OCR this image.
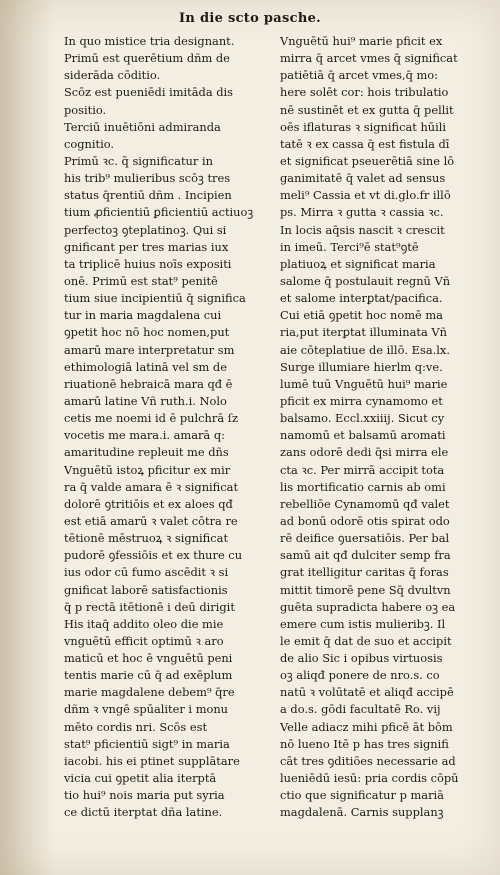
In die scto pasche.
In quo mistice tria designant.
Primū est querētium dñm de
siderāda cōditio.
Scōz est pueniēdi imitāda dis
positio.
Terciū inuētiōni admiranda
cognitio.
Primū ꝛc. q̃ significatur in
his trib⁹ mulieribus scōꝫ tres
status q̄rentiū dñm . Incipien
tium ꝓficientiū ꝑficientiū actiuoꝫ
perfectoꝫ ꝯteplatinoꝫ. Qui si
gnificant per tres marias iux
ta triplicē huius noīs expositi
onē. Primū est stat⁹ penitē
tium siue incipientiū q̄ significa
tur in maria magdalena cui
ꝯpetit hoc nō hoc nomen,put
amarū mare interpretatur sm
ethimologiā latinā vel sm de
riuationē hebraicā mara qđ ē
amarū latine Vñ ruth.i. Nolo
cetis me noemi id ē pulchrā ſz
vocetis me mara.i. amarā q:
amaritudine repleuit me dñs
Vnguētū istoꝝ pficitur ex mir
ra q̄ valde amara ē ꝛ significat
dolorē ꝯtritiōis et ex aloes qđ
est etiā amarū ꝛ valet cōtra re
tētionē mēstruoꝝ ꝛ significat
pudorē ꝯfessiōis et ex thure cu
ius odor cū fumo ascēdit ꝛ si
gnificat laborē satisfactionis
q̄ p rectā itētionē i deū dirigit
His itaq̄ addito oleo die mie
vnguētū efficit optimū ꝛ aro
maticū et hoc ē vnguētū peni
tentis marie cū q̄ ad exēplum
marie magdalene debem⁹ q̄re
dñm ꝛ vngē spūaliter i monu
mēto cordis nri. Scōs est
stat⁹ pficientiū sigt⁹ in maria
iacobi. his ei ptinet supplātare
vicia cui ꝯpetit alia iterptā
tio hui⁹ nois maria put syria
ce dictū iterptat dña latine.
Vnguētū hui⁹ marie pficit ex
mirra q̄ arcet vmes q̄ significat
patiētiā q̄ arcet vmes,q̄ mo:
here solēt cor: hois tribulatio
nē sustinēt et ex gutta q̄ pellit
oēs iflaturas ꝛ significat hūili
tatē ꝛ ex cassa q̄ est fistula dī
et significat pseuerētiā sine lō
ganimitatē q̄ valet ad sensus
meli⁹ Cassia et vt di.glo.fr illō
ps. Mirra ꝛ gutta ꝛ cassia ꝛc.
In locis aq̄sis nascit ꝛ crescit
in imeū. Terci⁹ē stat⁹ꝯtē
platiuoꝝ et significat maria
salome q̄ postulauit regnū Vñ
et salome interꝑtat/pacifica.
Cui etiā ꝯpetit hoc nomē ma
ria,put iterꝑtat illuminata Vñ
aie cōteplatiue de illō. Esa.lx.
Surge illumiare hierlm q:ve.
lumē tuū Vnguētū hui⁹ marie
pficit ex mirra cynamomo et
balsamo. Eccl.xxiiij. Sicut cy
namomū et balsamū aromati
zans odorē dedi q̄si mirra ele
cta ꝛc. Per mirrā accipit tota
lis mortificatio carnis ab omi
rebelliōe Cynamomū qđ valet
ad bonū odorē otis spirat odo
rē deifice ꝯuersatiōis. Per bal
samū ait qđ dulciter semp fra
grat itelligitur caritas q̄ foras
mittit timorē pene Sq̄ dvultvn
guēta supradicta habere oꝫ ea
emere cum istis mulieribꝫ. Il
le emit q̄ dat de suo et accipit
de alio Sic i opibus virtuosis
oꝫ aliqđ ponere de nro.s. co
natū ꝛ volūtatē et aliqđ accipē
a do.s. gōdi facultatē Ro. vij
Velle adiacz mihi pficē āt bōm
nō lueno Itē p has tres signifi
cāt tres ꝯditiōes necessarie ad
lueniēdū iesū: pria cordis cōpū
ctio que significatur p mariā
magdalenā. Carnis supplanꝫ
